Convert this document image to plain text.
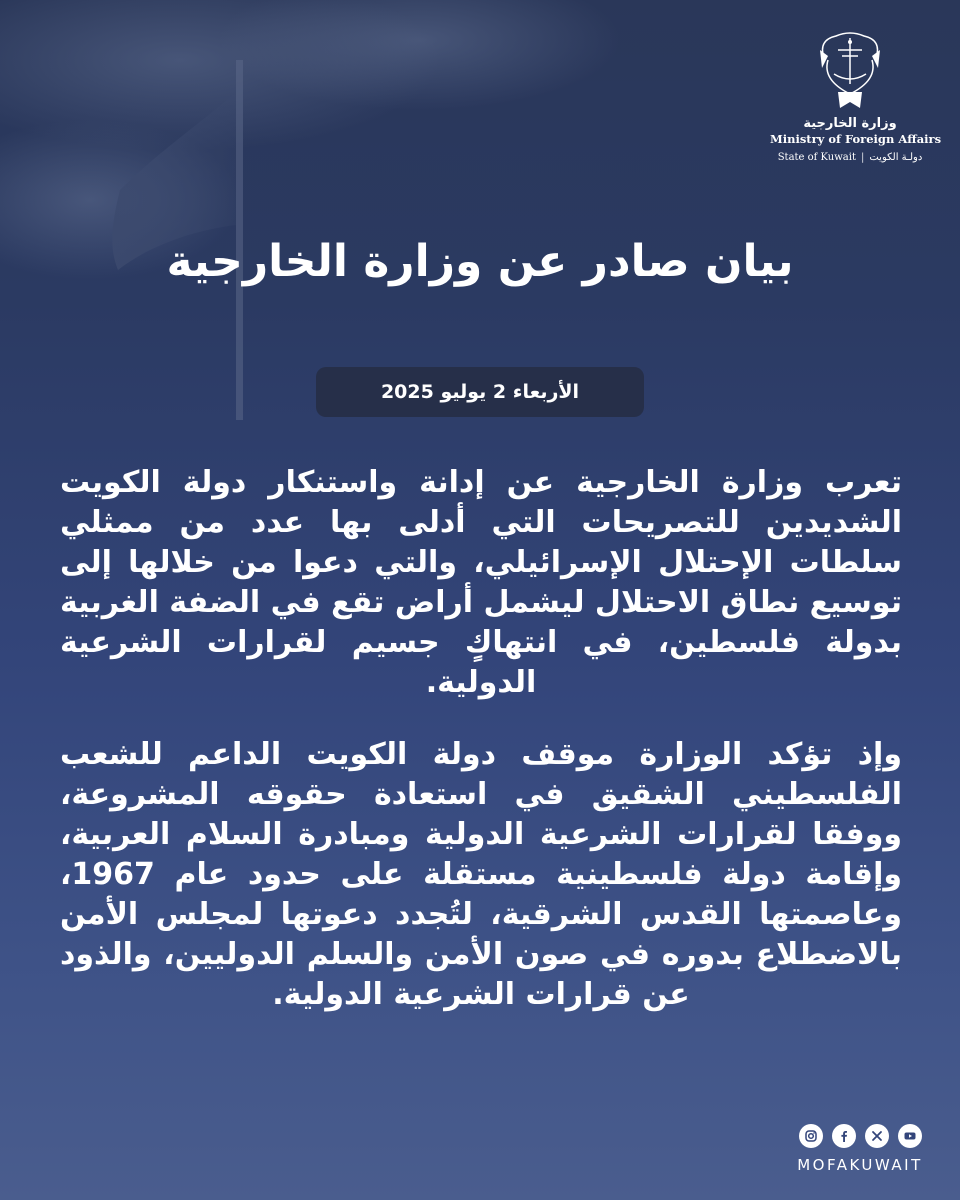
وزارة الخارجية
Ministry of Foreign Affairs
State of Kuwait | دولـة الكويت
بيان صادر عن وزارة الخارجية
الأربعاء 2 يوليو 2025

تعرب وزارة الخارجية عن إدانة واستنكار دولة الكويت الشديدين للتصريحات التي أدلى بها عدد من ممثلي سلطات الإحتلال الإسرائيلي، والتي دعوا من خلالها إلى توسيع نطاق الاحتلال ليشمل أراض تقع في الضفة الغربية بدولة فلسطين، في انتهاكٍ جسيم لقرارات الشرعية الدولية.

وإذ تؤكد الوزارة موقف دولة الكويت الداعم للشعب الفلسطيني الشقيق في استعادة حقوقه المشروعة، ووفقا لقرارات الشرعية الدولية ومبادرة السلام العربية، وإقامة دولة فلسطينية مستقلة على حدود عام 1967، وعاصمتها القدس الشرقية، لتُجدد دعوتها لمجلس الأمن بالاضطلاع بدوره في صون الأمن والسلم الدوليين، والذود عن قرارات الشرعية الدولية.

MOFAKUWAIT
